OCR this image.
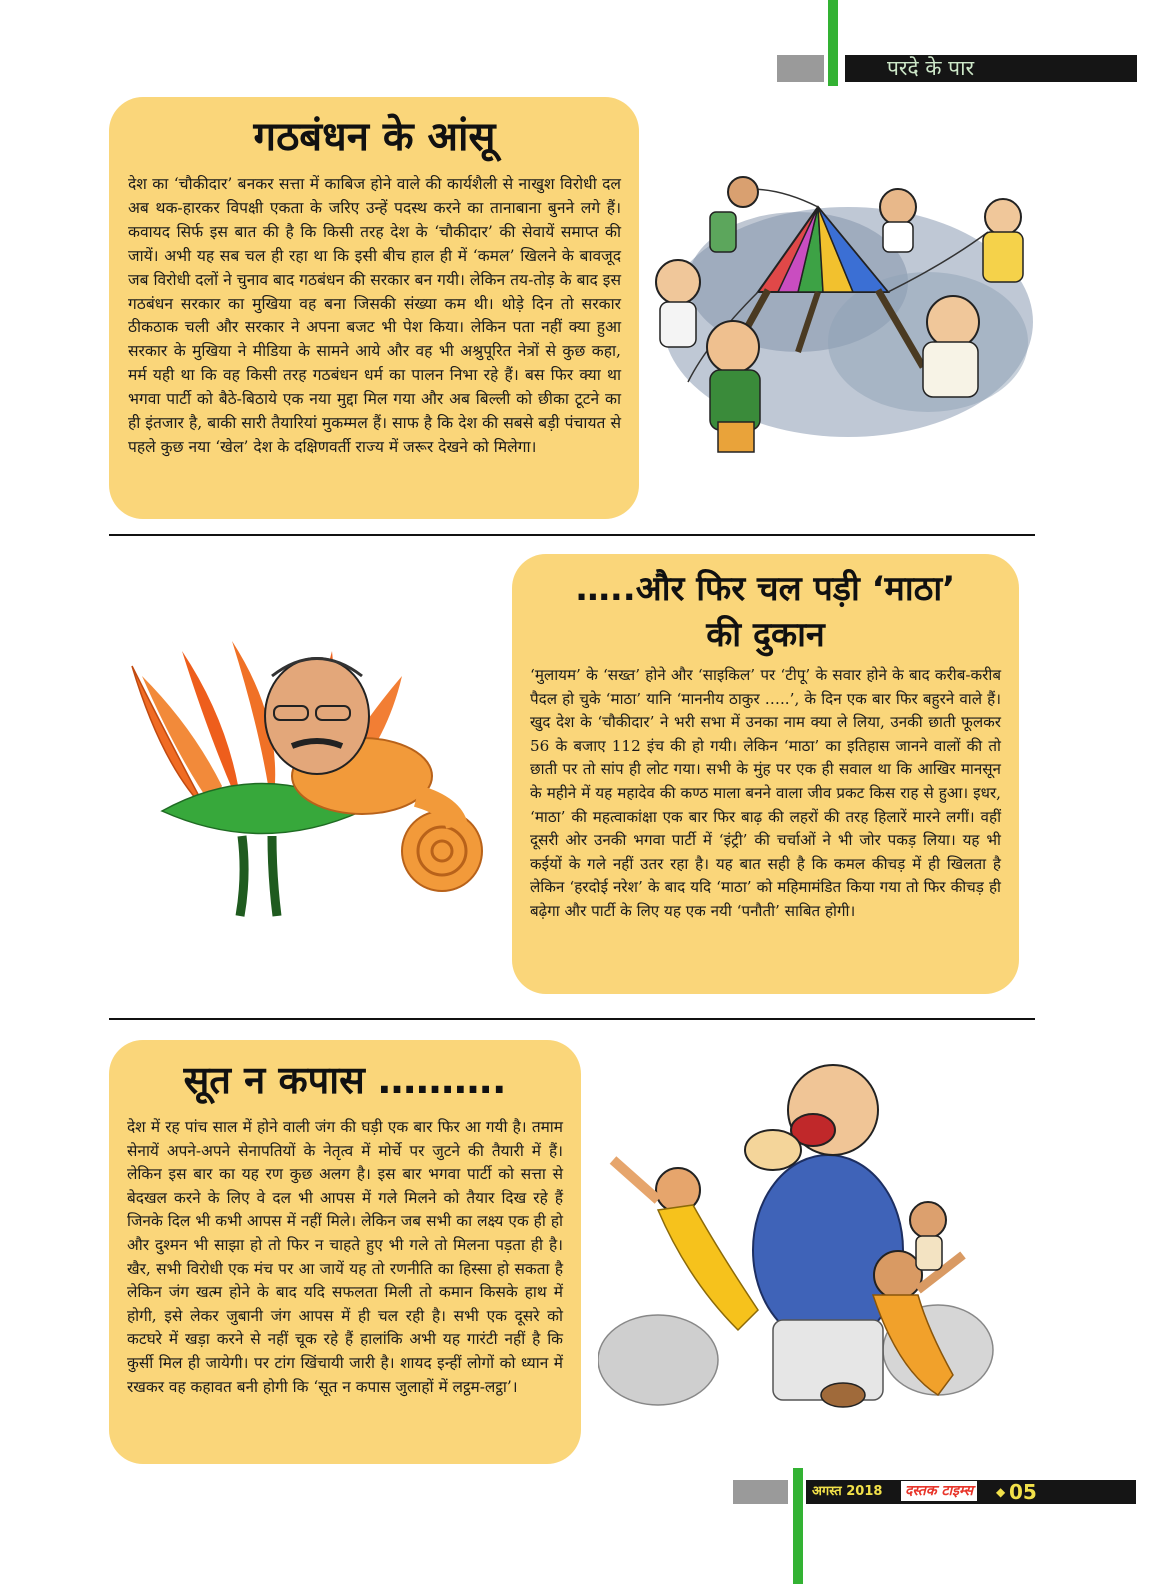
परदे के पार
गठबंधन के आंसू

देश का ‘चौकीदार’ बनकर सत्ता में काबिज होने वाले की कार्यशैली से नाखुश विरोधी दल अब थक-हारकर विपक्षी एकता के जरिए उन्हें पदस्थ करने का तानाबाना बुनने लगे हैं। कवायद सिर्फ इस बात की है कि किसी तरह देश के ‘चौकीदार’ की सेवायें समाप्त की जायें। अभी यह सब चल ही रहा था कि इसी बीच हाल ही में ‘कमल’ खिलने के बावजूद जब विरोधी दलों ने चुनाव बाद गठबंधन की सरकार बन गयी। लेकिन तय-तोड़ के बाद इस गठबंधन सरकार का मुखिया वह बना जिसकी संख्या कम थी। थोड़े दिन तो सरकार ठीकठाक चली और सरकार ने अपना बजट भी पेश किया। लेकिन पता नहीं क्या हुआ सरकार के मुखिया ने मीडिया के सामने आये और वह भी अश्रुपूरित नेत्रों से कुछ कहा, मर्म यही था कि वह किसी तरह गठबंधन धर्म का पालन निभा रहे हैं। बस फिर क्या था भगवा पार्टी को बैठे-बिठाये एक नया मुद्दा मिल गया और अब बिल्ली को छीका टूटने का ही इंतजार है, बाकी सारी तैयारियां मुकम्मल हैं। साफ है कि देश की सबसे बड़ी पंचायत से पहले कुछ नया ‘खेल’ देश के दक्षिणवर्ती राज्य में जरूर देखने को मिलेगा।

…..और फिर चल पड़ी ‘माठा’
की दुकान

‘मुलायम’ के ‘सख्त’ होने और ‘साइकिल’ पर ‘टीपू’ के सवार होने के बाद करीब-करीब पैदल हो चुके ‘माठा’ यानि ‘माननीय ठाकुर …..’, के दिन एक बार फिर बहुरने वाले हैं। खुद देश के ‘चौकीदार’ ने भरी सभा में उनका नाम क्या ले लिया, उनकी छाती फूलकर 56 के बजाए 112 इंच की हो गयी। लेकिन ‘माठा’ का इतिहास जानने वालों की तो छाती पर तो सांप ही लोट गया। सभी के मुंह पर एक ही सवाल था कि आखिर मानसून के महीने में यह महादेव की कण्ठ माला बनने वाला जीव प्रकट किस राह से हुआ। इधर, ‘माठा’ की महत्वाकांक्षा एक बार फिर बाढ़ की लहरों की तरह हिलारें मारने लगीं। वहीं दूसरी ओर उनकी भगवा पार्टी में ‘इंट्री’ की चर्चाओं ने भी जोर पकड़ लिया। यह भी कईयों के गले नहीं उतर रहा है। यह बात सही है कि कमल कीचड़ में ही खिलता है लेकिन ‘हरदोई नरेश’ के बाद यदि ‘माठा’ को महिमामंडित किया गया तो फिर कीचड़ ही बढ़ेगा और पार्टी के लिए यह एक नयी ‘पनौती’ साबित होगी।

सूत न कपास ……….

देश में रह पांच साल में होने वाली जंग की घड़ी एक बार फिर आ गयी है। तमाम सेनायें अपने-अपने सेनापतियों के नेतृत्व में मोर्चे पर जुटने की तैयारी में हैं। लेकिन इस बार का यह रण कुछ अलग है। इस बार भगवा पार्टी को सत्ता से बेदखल करने के लिए वे दल भी आपस में गले मिलने को तैयार दिख रहे हैं जिनके दिल भी कभी आपस में नहीं मिले। लेकिन जब सभी का लक्ष्य एक ही हो और दुश्मन भी साझा हो तो फिर न चाहते हुए भी गले तो मिलना पड़ता ही है। खैर, सभी विरोधी एक मंच पर आ जायें यह तो रणनीति का हिस्सा हो सकता है लेकिन जंग खत्म होने के बाद यदि सफलता मिली तो कमान किसके हाथ में होगी, इसे लेकर जुबानी जंग आपस में ही चल रही है। सभी एक दूसरे को कटघरे में खड़ा करने से नहीं चूक रहे हैं हालांकि अभी यह गारंटी नहीं है कि कुर्सी मिल ही जायेगी। पर टांग खिंचायी जारी है। शायद इन्हीं लोगों को ध्यान में रखकर वह कहावत बनी होगी कि ‘सूत न कपास जुलाहों में लट्ठम-लट्ठा’।

अगस्त 2018 दस्तक टाइम्स	◆ 05
